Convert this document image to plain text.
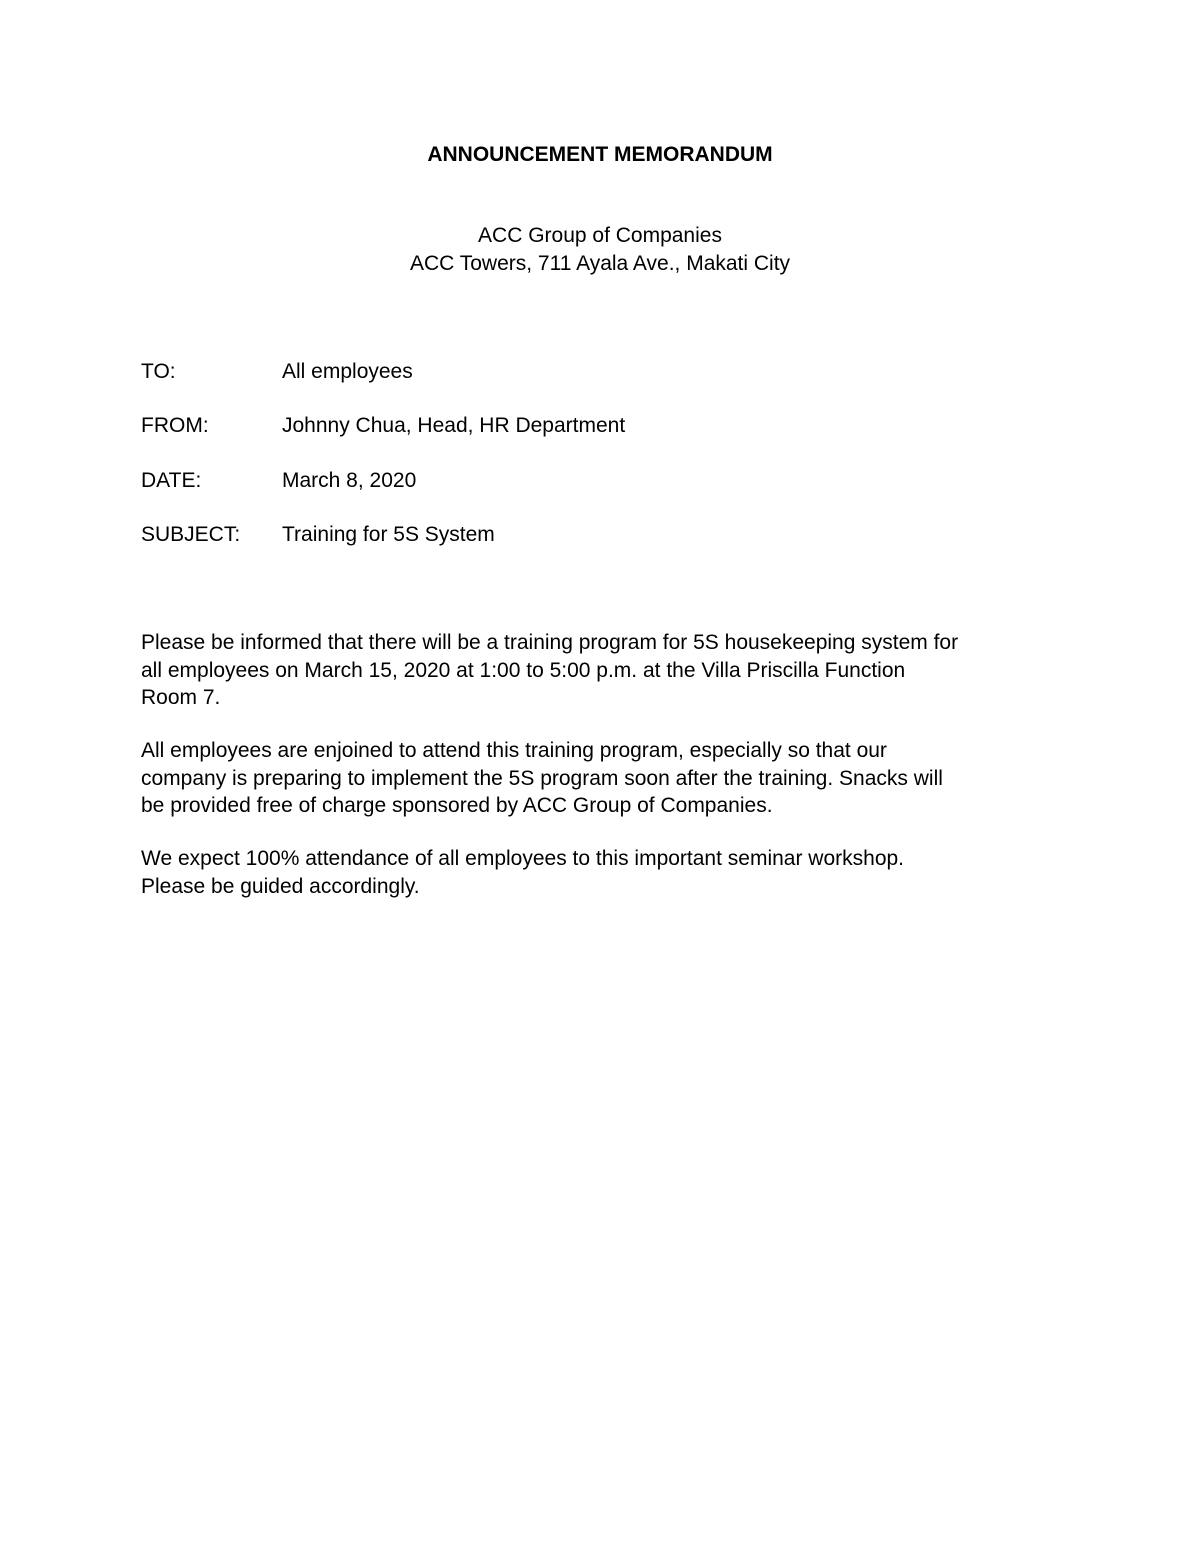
ANNOUNCEMENT MEMORANDUM
ACC Group of Companies
ACC Towers, 711 Ayala Ave., Makati City
TO:	All employees
FROM:	Johnny Chua, Head, HR Department
DATE:	March 8, 2020
SUBJECT: Training for 5S System

Please be informed that there will be a training program for 5S housekeeping system for
all employees on March 15, 2020 at 1:00 to 5:00 p.m. at the Villa Priscilla Function
Room 7.

All employees are enjoined to attend this training program, especially so that our
company is preparing to implement the 5S program soon after the training. Snacks will
be provided free of charge sponsored by ACC Group of Companies.

We expect 100% attendance of all employees to this important seminar workshop.
Please be guided accordingly.
